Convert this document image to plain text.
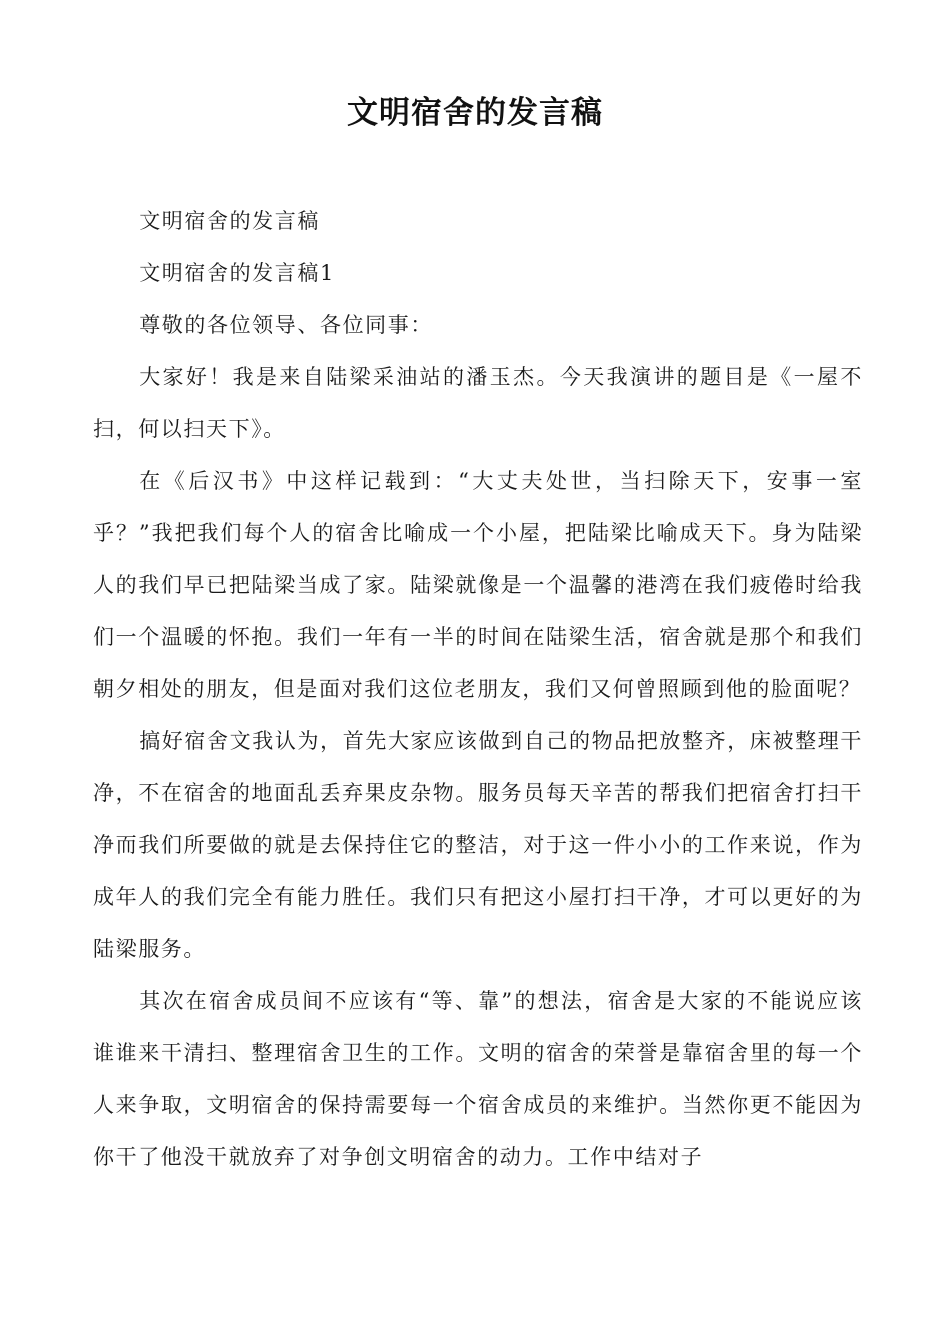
文明宿舍的发言稿

文明宿舍的发言稿

文明宿舍的发言稿1

尊敬的各位领导、各位同事：

大家好！我是来自陆梁采油站的潘玉杰。今天我演讲的题目是《一屋不扫，何以扫天下》。

在《后汉书》中这样记载到：“大丈夫处世，当扫除天下，安事一室乎？”我把我们每个人的宿舍比喻成一个小屋，把陆梁比喻成天下。身为陆梁人的我们早已把陆梁当成了家。陆梁就像是一个温馨的港湾在我们疲倦时给我们一个温暖的怀抱。我们一年有一半的时间在陆梁生活，宿舍就是那个和我们朝夕相处的朋友，但是面对我们这位老朋友，我们又何曾照顾到他的脸面呢？

搞好宿舍文我认为，首先大家应该做到自己的物品把放整齐，床被整理干净，不在宿舍的地面乱丢弃果皮杂物。服务员每天辛苦的帮我们把宿舍打扫干净而我们所要做的就是去保持住它的整洁，对于这一件小小的工作来说，作为成年人的我们完全有能力胜任。我们只有把这小屋打扫干净，才可以更好的为陆梁服务。

其次在宿舍成员间不应该有“等、靠”的想法，宿舍是大家的不能说应该谁谁来干清扫、整理宿舍卫生的工作。文明的宿舍的荣誉是靠宿舍里的每一个人来争取，文明宿舍的保持需要每一个宿舍成员的来维护。当然你更不能因为你干了他没干就放弃了对争创文明宿舍的动力。工作中结对子
